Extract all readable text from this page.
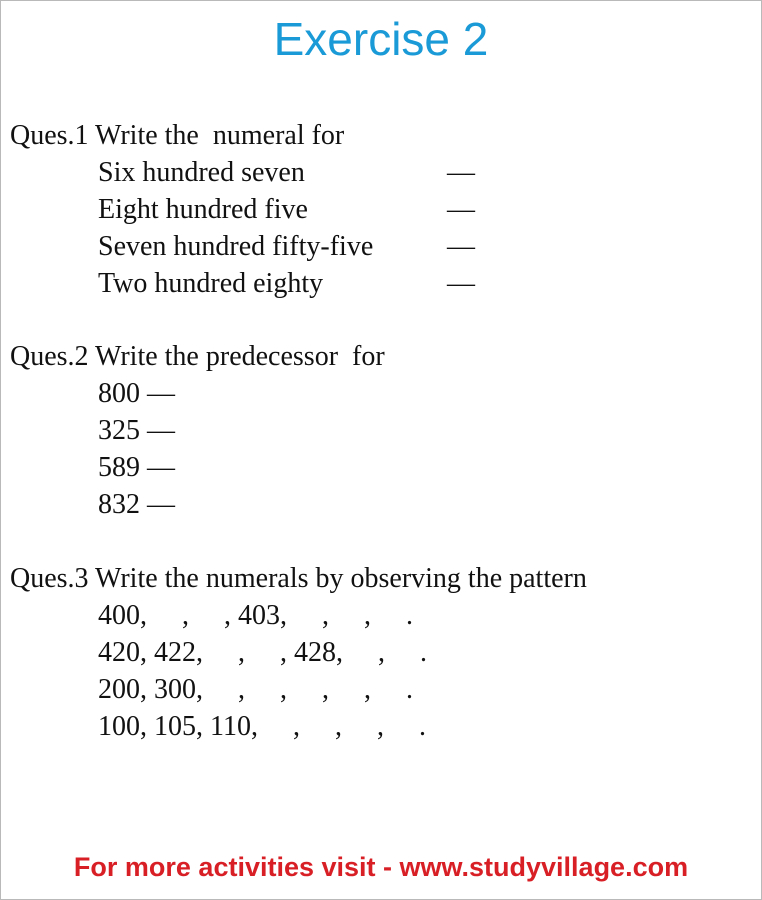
Exercise 2
Ques.1 Write the  numeral for
Six hundred seven	—
Eight hundred five	—
Seven hundred fifty-five	—
Two hundred eighty	—
Ques.2 Write the predecessor  for
800 —
325 —
589 —
832 —
Ques.3 Write the numerals by observing the pattern
400,     ,     , 403,     ,     ,     .
420, 422,     ,     , 428,     ,     .
200, 300,     ,     ,     ,     ,     .
100, 105, 110,     ,     ,     ,     .
For more activities visit - www.studyvillage.com
